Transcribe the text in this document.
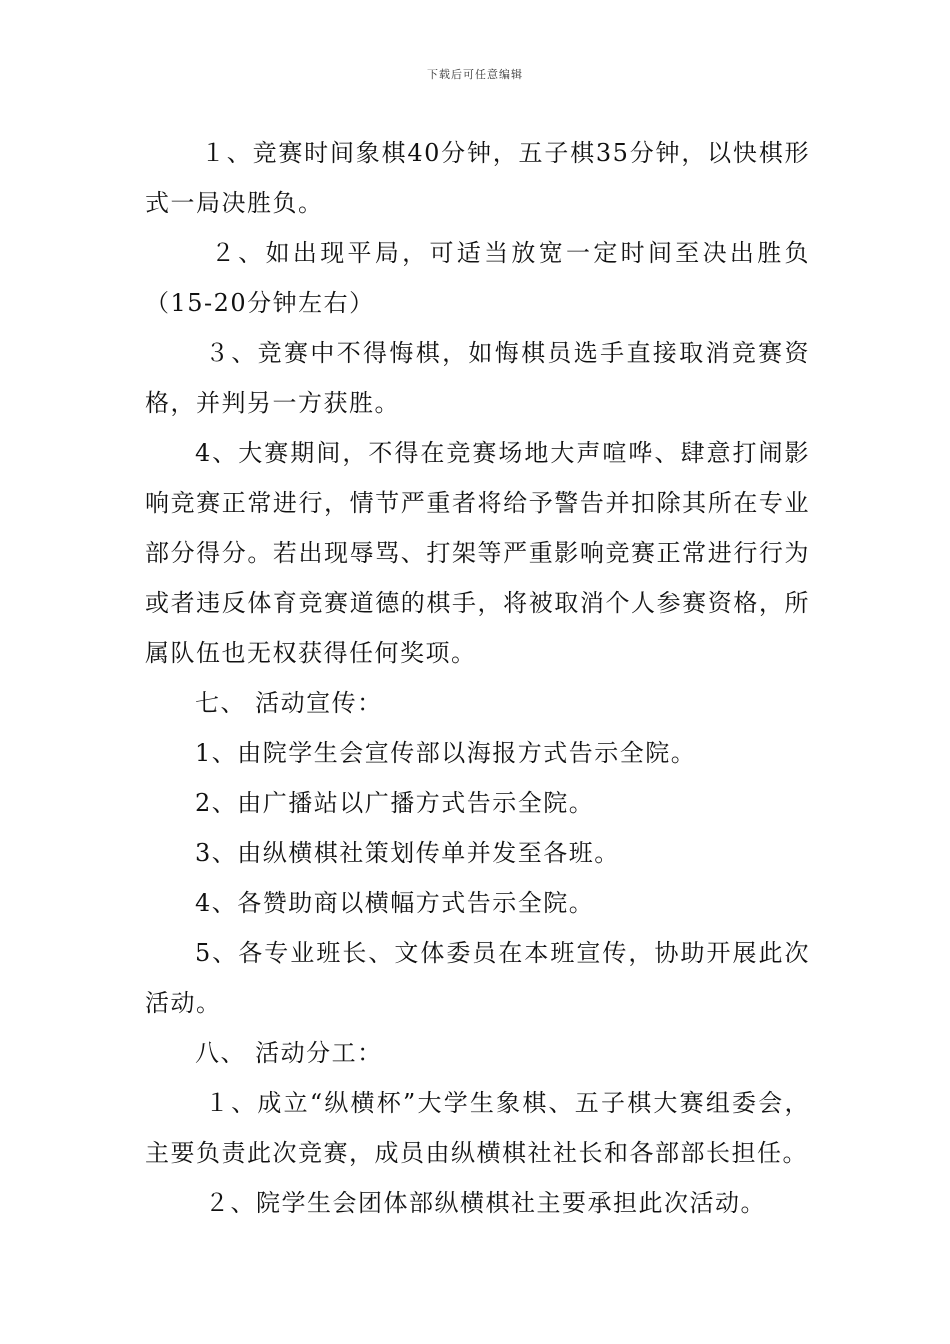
下载后可任意编辑

１、竞赛时间象棋40分钟，五子棋35分钟，以快棋形式一局决胜负。

２、如出现平局，可适当放宽一定时间至决出胜负（15-20分钟左右）

３、竞赛中不得悔棋，如悔棋员选手直接取消竞赛资格，并判另一方获胜。

4、大赛期间，不得在竞赛场地大声喧哗、肆意打闹影响竞赛正常进行，情节严重者将给予警告并扣除其所在专业部分得分。若出现辱骂、打架等严重影响竞赛正常进行行为或者违反体育竞赛道德的棋手，将被取消个人参赛资格，所属队伍也无权获得任何奖项。

七、 活动宣传：

1、由院学生会宣传部以海报方式告示全院。

2、由广播站以广播方式告示全院。

3、由纵横棋社策划传单并发至各班。

4、各赞助商以横幅方式告示全院。

5、各专业班长、文体委员在本班宣传，协助开展此次活动。

八、 活动分工：

１、成立“纵横杯”大学生象棋、五子棋大赛组委会，主要负责此次竞赛，成员由纵横棋社社长和各部部长担任。

２、院学生会团体部纵横棋社主要承担此次活动。
